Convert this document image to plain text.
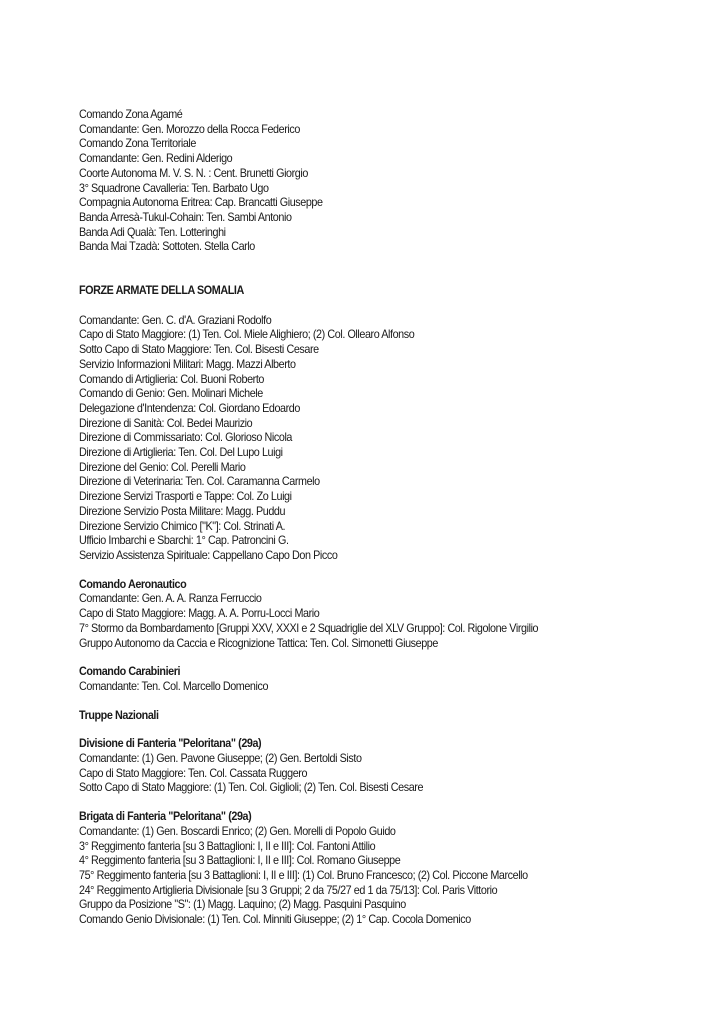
Comando Zona Agamé
Comandante: Gen. Morozzo della Rocca Federico
Comando Zona Territoriale
Comandante: Gen. Redini Alderigo
Coorte Autonoma M. V. S. N. : Cent. Brunetti Giorgio
3° Squadrone Cavalleria: Ten. Barbato Ugo
Compagnia Autonoma Eritrea: Cap. Brancatti Giuseppe
Banda Arresà-Tukul-Cohain: Ten. Sambi Antonio
Banda Adi Qualà: Ten. Lotteringhi
Banda Mai Tzadà: Sottoten. Stella Carlo
FORZE ARMATE DELLA SOMALIA
Comandante: Gen. C. d'A. Graziani Rodolfo
Capo di Stato Maggiore: (1) Ten. Col. Miele Alighiero; (2) Col. Ollearo Alfonso
Sotto Capo di Stato Maggiore: Ten. Col. Bisesti Cesare
Servizio Informazioni Militari: Magg. Mazzi Alberto
Comando di Artiglieria: Col. Buoni Roberto
Comando di Genio: Gen. Molinari Michele
Delegazione d'Intendenza: Col. Giordano Edoardo
Direzione di Sanità: Col. Bedei Maurizio
Direzione di Commissariato: Col. Glorioso Nicola
Direzione di Artiglieria: Ten. Col. Del Lupo Luigi
Direzione del Genio: Col. Perelli Mario
Direzione di Veterinaria: Ten. Col. Caramanna Carmelo
Direzione Servizi Trasporti e Tappe: Col. Zo Luigi
Direzione Servizio Posta Militare: Magg. Puddu
Direzione Servizio Chimico ["K"]: Col. Strinati A.
Ufficio Imbarchi e Sbarchi: 1° Cap. Patroncini G.
Servizio Assistenza Spirituale: Cappellano Capo Don Picco
Comando Aeronautico
Comandante: Gen. A. A. Ranza Ferruccio
Capo di Stato Maggiore: Magg. A. A. Porru-Locci Mario
7° Stormo da Bombardamento [Gruppi XXV, XXXI e 2 Squadriglie del XLV Gruppo]: Col. Rigolone Virgilio
Gruppo Autonomo da Caccia e Ricognizione Tattica: Ten. Col. Simonetti Giuseppe
Comando Carabinieri
Comandante: Ten. Col. Marcello Domenico
Truppe Nazionali
Divisione di Fanteria "Peloritana" (29a)
Comandante: (1) Gen. Pavone Giuseppe; (2) Gen. Bertoldi Sisto
Capo di Stato Maggiore: Ten. Col. Cassata Ruggero
Sotto Capo di Stato Maggiore: (1) Ten. Col. Giglioli; (2) Ten. Col. Bisesti Cesare
Brigata di Fanteria "Peloritana" (29a)
Comandante: (1) Gen. Boscardi Enrico; (2) Gen. Morelli di Popolo Guido
3° Reggimento fanteria [su 3 Battaglioni: I, II e III]: Col. Fantoni Attilio
4° Reggimento fanteria [su 3 Battaglioni: I, II e III]: Col. Romano Giuseppe
75° Reggimento fanteria [su 3 Battaglioni: I, II e III]: (1) Col. Bruno Francesco; (2) Col. Piccone Marcello
24° Reggimento Artiglieria Divisionale [su 3 Gruppi; 2 da 75/27 ed 1 da 75/13]: Col. Paris Vittorio
Gruppo da Posizione "S": (1) Magg. Laquino; (2) Magg. Pasquini Pasquino
Comando Genio Divisionale: (1) Ten. Col. Minniti Giuseppe; (2) 1° Cap. Cocola Domenico
